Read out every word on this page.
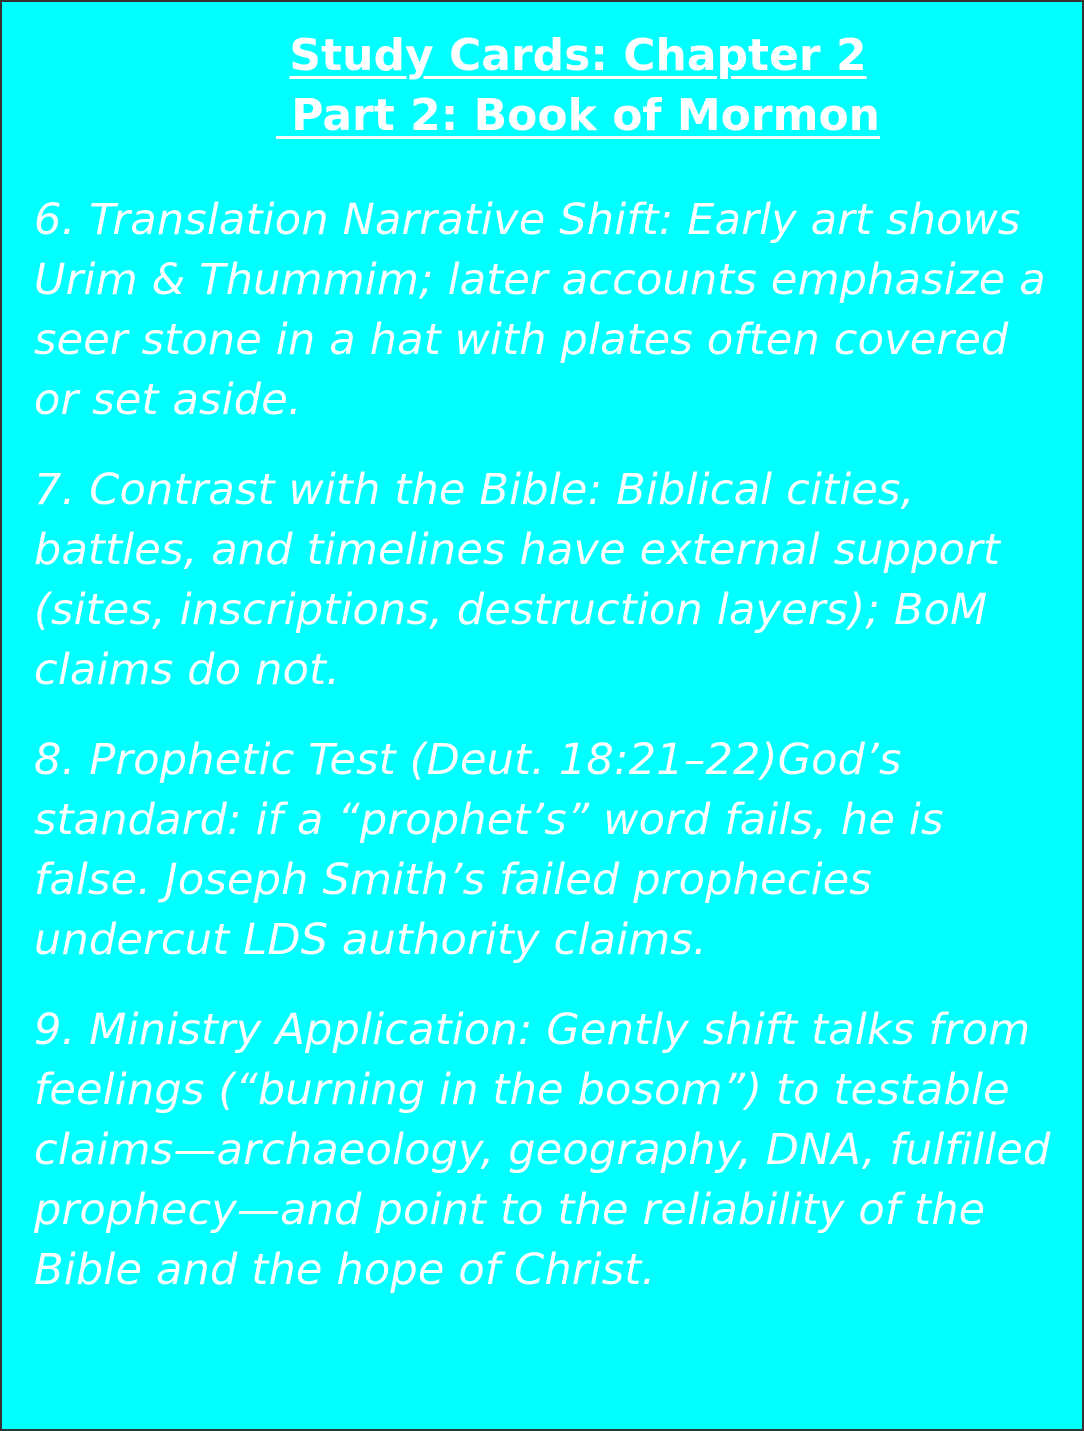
Study Cards: Chapter 2
Part 2: Book of Mormon

6. Translation Narrative Shift: Early art shows Urim & Thummim; later accounts emphasize a seer stone in a hat with plates often covered or set aside.

7. Contrast with the Bible: Biblical cities, battles, and timelines have external support (sites, inscriptions, destruction layers); BoM claims do not.

8. Prophetic Test (Deut. 18:21–22)God’s standard: if a “prophet’s” word fails, he is false. Joseph Smith’s failed prophecies undercut LDS authority claims.

9. Ministry Application: Gently shift talks from feelings (“burning in the bosom”) to testable claims—archaeology, geography, DNA, fulfilled prophecy—and point to the reliability of the Bible and the hope of Christ.
